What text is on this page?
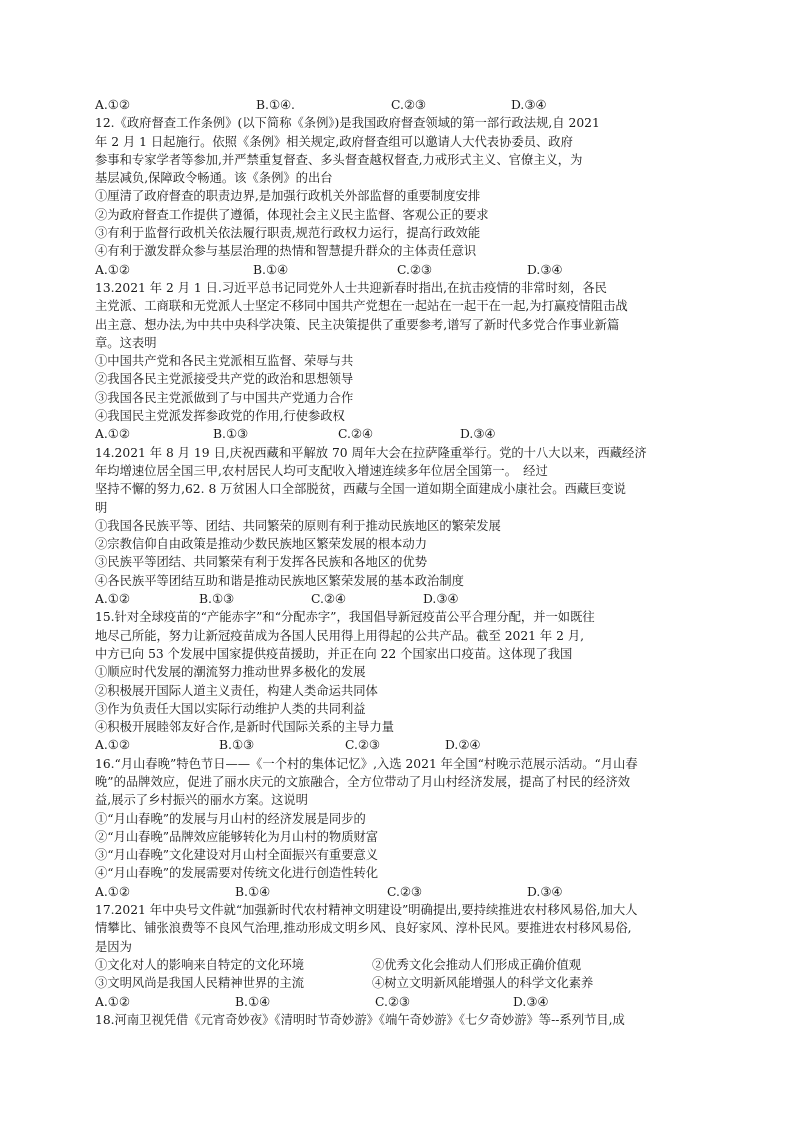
A.①②	B.①④.	C.②③	D.③④
12.《政府督查工作条例》(以下简称《条例》)是我国政府督查领域的第一部行政法规,自 2021
年 2 月 1 日起施行。依照《条例》相关规定,政府督查组可以邀请人大代表协委员、政府
参事和专家学者等参加,并严禁重复督查、多头督查越权督查,力戒形式主义、官僚主义，为
基层减负,保障政令畅通。该《条例》的出台
①厘清了政府督查的职责边界,是加强行政机关外部监督的重要制度安排
②为政府督查工作提供了遵循，体现社会主义民主监督、客观公正的要求
③有利于监督行政机关依法履行职责,规范行政权力运行，提高行政效能
④有利于激发群众参与基层治理的热情和智慧提升群众的主体责任意识
A.①②	B.①④	C.②③	D.③④
13.2021 年 2 月 1 日.习近平总书记同党外人士共迎新春时指出,在抗击疫情的非常时刻，各民
主党派、工商联和无党派人士坚定不移同中国共产党想在一起站在一起干在一起,为打赢疫情阻击战
出主意、想办法,为中共中央科学决策、民主决策提供了重要参考,谱写了新时代多党合作事业新篇
章。这表明
①中国共产党和各民主党派相互监督、荣辱与共
②我国各民主党派接受共产党的政治和思想领导
③我国各民主党派做到了与中国共产党通力合作
④我国民主党派发挥参政党的作用,行使参政权
A.①②	B.①③	C.②④	D.③④
14.2021 年 8 月 19 日,庆祝西藏和平解放 70 周年大会在拉萨隆重举行。党的十八大以来，西藏经济
年均增速位居全国三甲,农村居民人均可支配收入增速连续多年位居全国第一。　经过
坚持不懈的努力,62. 8 万贫困人口全部脱贫，西藏与全国一道如期全面建成小康社会。西藏巨变说
明
①我国各民族平等、团结、共同繁荣的原则有利于推动民族地区的繁荣发展
②宗教信仰自由政策是推动少数民族地区繁荣发展的根本动力
③民族平等团结、共同繁荣有利于发挥各民族和各地区的优势
④各民族平等团结互助和谐是推动民族地区繁荣发展的基本政治制度
A.①②	B.①③	C.②④	D.③④
15.针对全球疫苗的“产能赤字”和“分配赤字”，我国倡导新冠疫苗公平合理分配，并一如既往
地尽己所能，努力让新冠疫苗成为各国人民用得上用得起的公共产品。截至 2021 年 2 月,
中方已向 53 个发展中国家提供疫苗援助，并正在向 22 个国家出口疫苗。这体现了我国
①顺应时代发展的潮流努力推动世界多极化的发展
②积极展开国际人道主义责任，构建人类命运共同体
③作为负责任大国以实际行动维护人类的共同利益
④积极开展睦邻友好合作,是新时代国际关系的主导力量
A.①②	B.①③	C.②③	D.②④
16.“月山春晚”特色节日——《一个村的集体记忆》,入选 2021 年全国“村晚示范展示活动。“月山春
晚”的品牌效应，促进了丽水庆元的文旅融合，全方位带动了月山村经济发展，提高了村民的经济效
益,展示了乡村振兴的丽水方案。这说明
①“月山春晚”的发展与月山村的经济发展是同步的
②“月山春晚”品牌效应能够转化为月山村的物质财富
③“月山春晚”文化建设对月山村全面振兴有重要意义
④“月山春晚”的发展需要对传统文化进行创造性转化
A.①②	B.①④	C.②③	D.③④
17.2021 年中央号文件就“加强新时代农村精神文明建设”明确提出,要持续推进农村移风易俗,加大人
情攀比、铺张浪费等不良风气治理,推动形成文明乡风、良好家风、淳朴民风。要推进农村移风易俗,
是因为
①文化对人的影响来自特定的文化环境	②优秀文化会推动人们形成正确价值观
③文明风尚是我国人民精神世界的主流	④树立文明新风能增强人的科学文化素养
A.①②	B.①④	C.②③	D.③④
18.河南卫视凭借《元宵奇妙夜》《清明时节奇妙游》《端午奇妙游》《七夕奇妙游》等--系列节目,成
